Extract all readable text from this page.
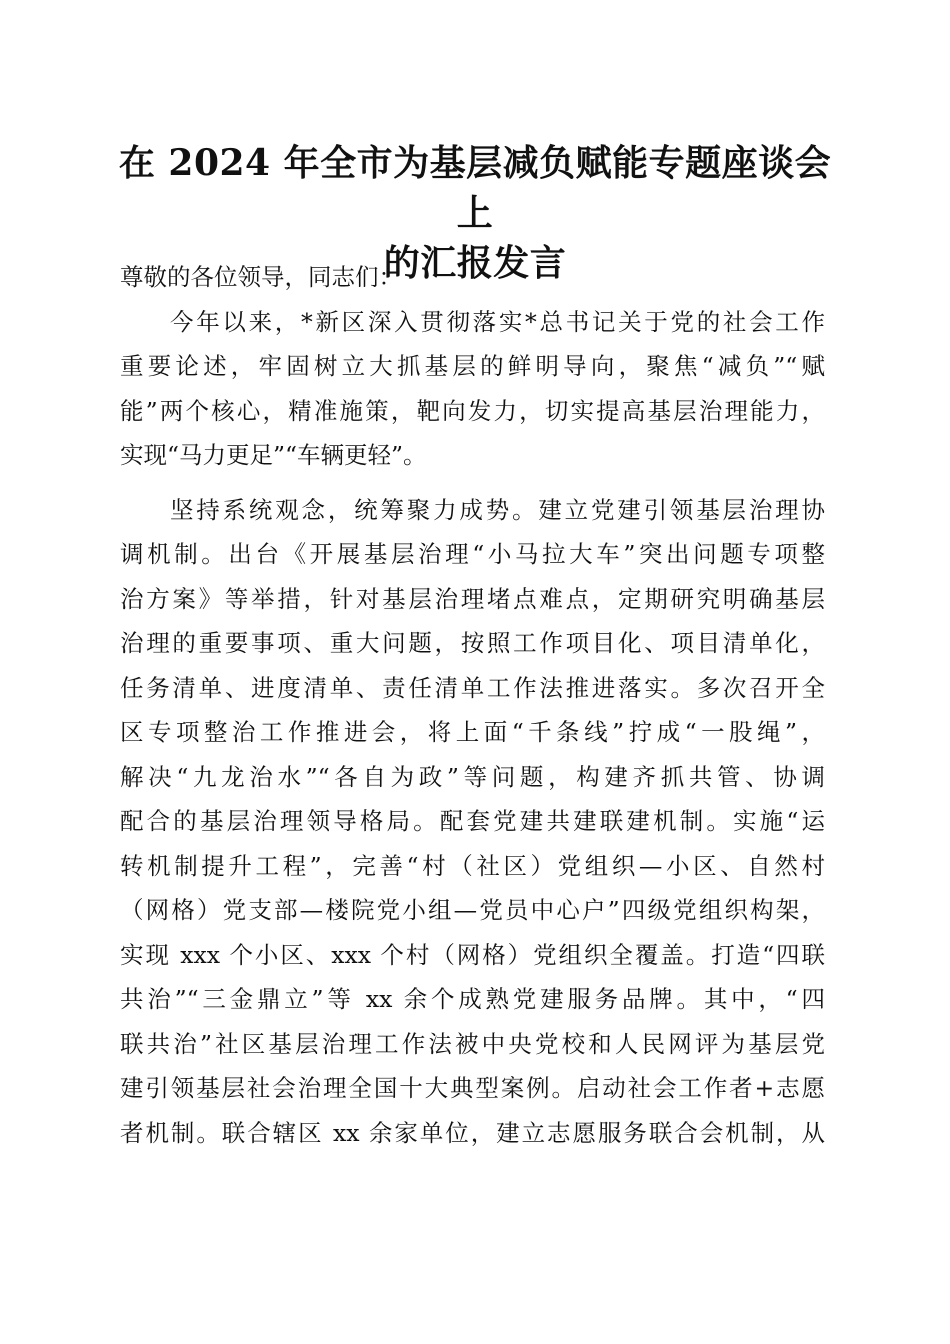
在 2024 年全市为基层减负赋能专题座谈会上
的汇报发言
尊敬的各位领导，同志们：
今年以来，*新区深入贯彻落实*总书记关于党的社会工作
重要论述，牢固树立大抓基层的鲜明导向，聚焦“减负”“赋
能”两个核心，精准施策，靶向发力，切实提高基层治理能力，
实现“马力更足”“车辆更轻”。
坚持系统观念，统筹聚力成势。建立党建引领基层治理协
调机制。出台《开展基层治理“小马拉大车”突出问题专项整
治方案》等举措，针对基层治理堵点难点，定期研究明确基层
治理的重要事项、重大问题，按照工作项目化、项目清单化，
任务清单、进度清单、责任清单工作法推进落实。多次召开全
区专项整治工作推进会，将上面“千条线”拧成“一股绳”，
解决“九龙治水”“各自为政”等问题，构建齐抓共管、协调
配合的基层治理领导格局。配套党建共建联建机制。实施“运
转机制提升工程”，完善“村（社区）党组织—小区、自然村
（网格）党支部—楼院党小组—党员中心户”四级党组织构架，
实现 xxx 个小区、xxx 个村（网格）党组织全覆盖。打造“四联
共治”“三金鼎立”等 xx 余个成熟党建服务品牌。其中，“四
联共治”社区基层治理工作法被中央党校和人民网评为基层党
建引领基层社会治理全国十大典型案例。启动社会工作者+志愿
者机制。联合辖区 xx 余家单位，建立志愿服务联合会机制，从
